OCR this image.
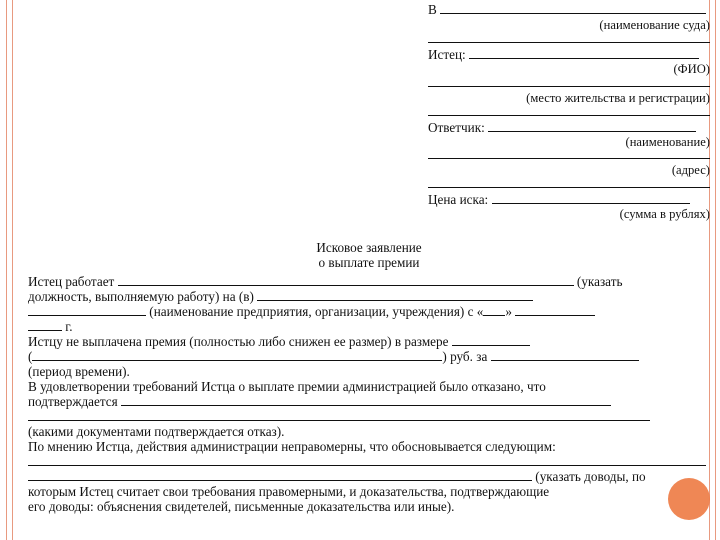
В
(наименование суда)
Истец:
(ФИО)
(место жительства и регистрации)
Ответчик:
(наименование)
(адрес)
Цена иска:
(сумма в рублях)
Исковое заявление
о выплате премии

Истец работает	(указать

должность, выполняемую работу) на (в)

(наименование предприятия, организации, учреждения) с « »

г.

Истцу не выплачена премия (полностью либо снижен ее размер) в размере

(	) руб. за

(период времени).

В удовлетворении требований Истца о выплате премии администрацией было отказано, что

подтверждается

(какими документами подтверждается отказ).

По мнению Истца, действия администрации неправомерны, что обосновывается следующим:

(указать доводы, по

которым Истец считает свои требования правомерными, и доказательства, подтверждающие

его доводы: объяснения свидетелей, письменные доказательства или иные).
